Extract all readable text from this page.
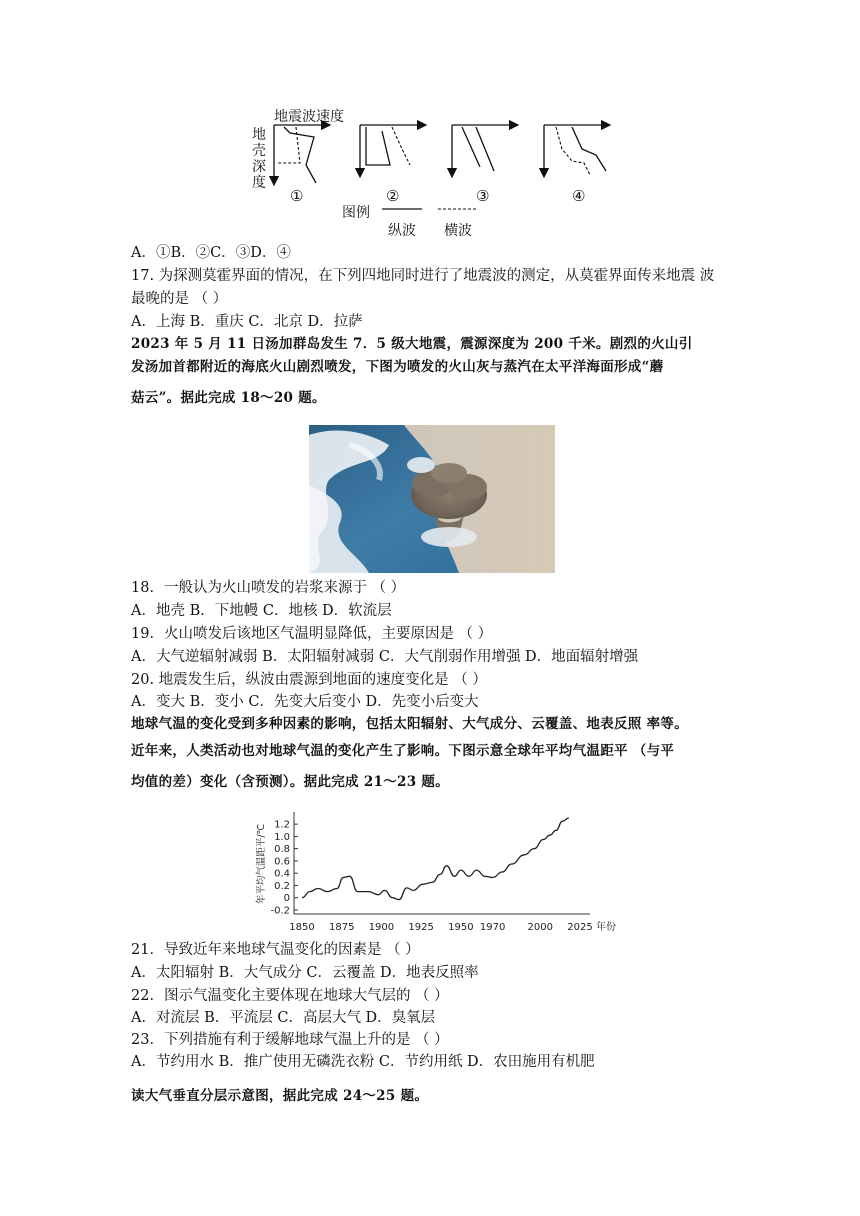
地震波速度
地
壳
深
度
①	②	③	④
图例
纵波 横波
A．①B．②C．③D．④
17. 为探测莫霍界面的情况，在下列四地同时进行了地震波的测定，从莫霍界面传来地震 波
最晚的是 （ ）
A．上海 B．重庆 C．北京 D．拉萨
2023 年 5 月 11 日汤加群岛发生 7．5 级大地震，震源深度为 200 千米。剧烈的火山引
发汤加首都附近的海底火山剧烈喷发，下图为喷发的火山灰与蒸汽在太平洋海面形成“蘑
菇云”。据此完成 18～20 题。
18．一般认为火山喷发的岩浆来源于 （ ）
A．地壳 B．下地幔 C．地核 D．软流层
19．火山喷发后该地区气温明显降低，主要原因是 （ ）
A．大气逆辐射减弱 B．太阳辐射减弱 C．大气削弱作用增强 D．地面辐射增强
20. 地震发生后，纵波由震源到地面的速度变化是 （ ）
A．变大 B．变小 C．先变大后变小 D．先变小后变大
地球气温的变化受到多种因素的影响，包括太阳辐射、大气成分、云覆盖、地表反照 率等。
近年来，人类活动也对地球气温的变化产生了影响。下图示意全球年平均气温距平 （与平
均值的差）变化（含预测）。据此完成 21～23 题。
年平均气温距平/℃
-0.2
0
0.2
0.4
0.6
0.8
1.0
1.2
1850 1875 1900 1925 1950 1970 2000 2025 年份
21．导致近年来地球气温变化的因素是 （ ）
A．太阳辐射 B．大气成分 C．云覆盖 D．地表反照率
22．图示气温变化主要体现在地球大气层的 （ ）
A．对流层 B．平流层 C．高层大气 D．臭氧层
23．下列措施有利于缓解地球气温上升的是 （ ）
A．节约用水 B．推广使用无磷洗衣粉 C．节约用纸 D．农田施用有机肥
读大气垂直分层示意图，据此完成 24～25 题。
